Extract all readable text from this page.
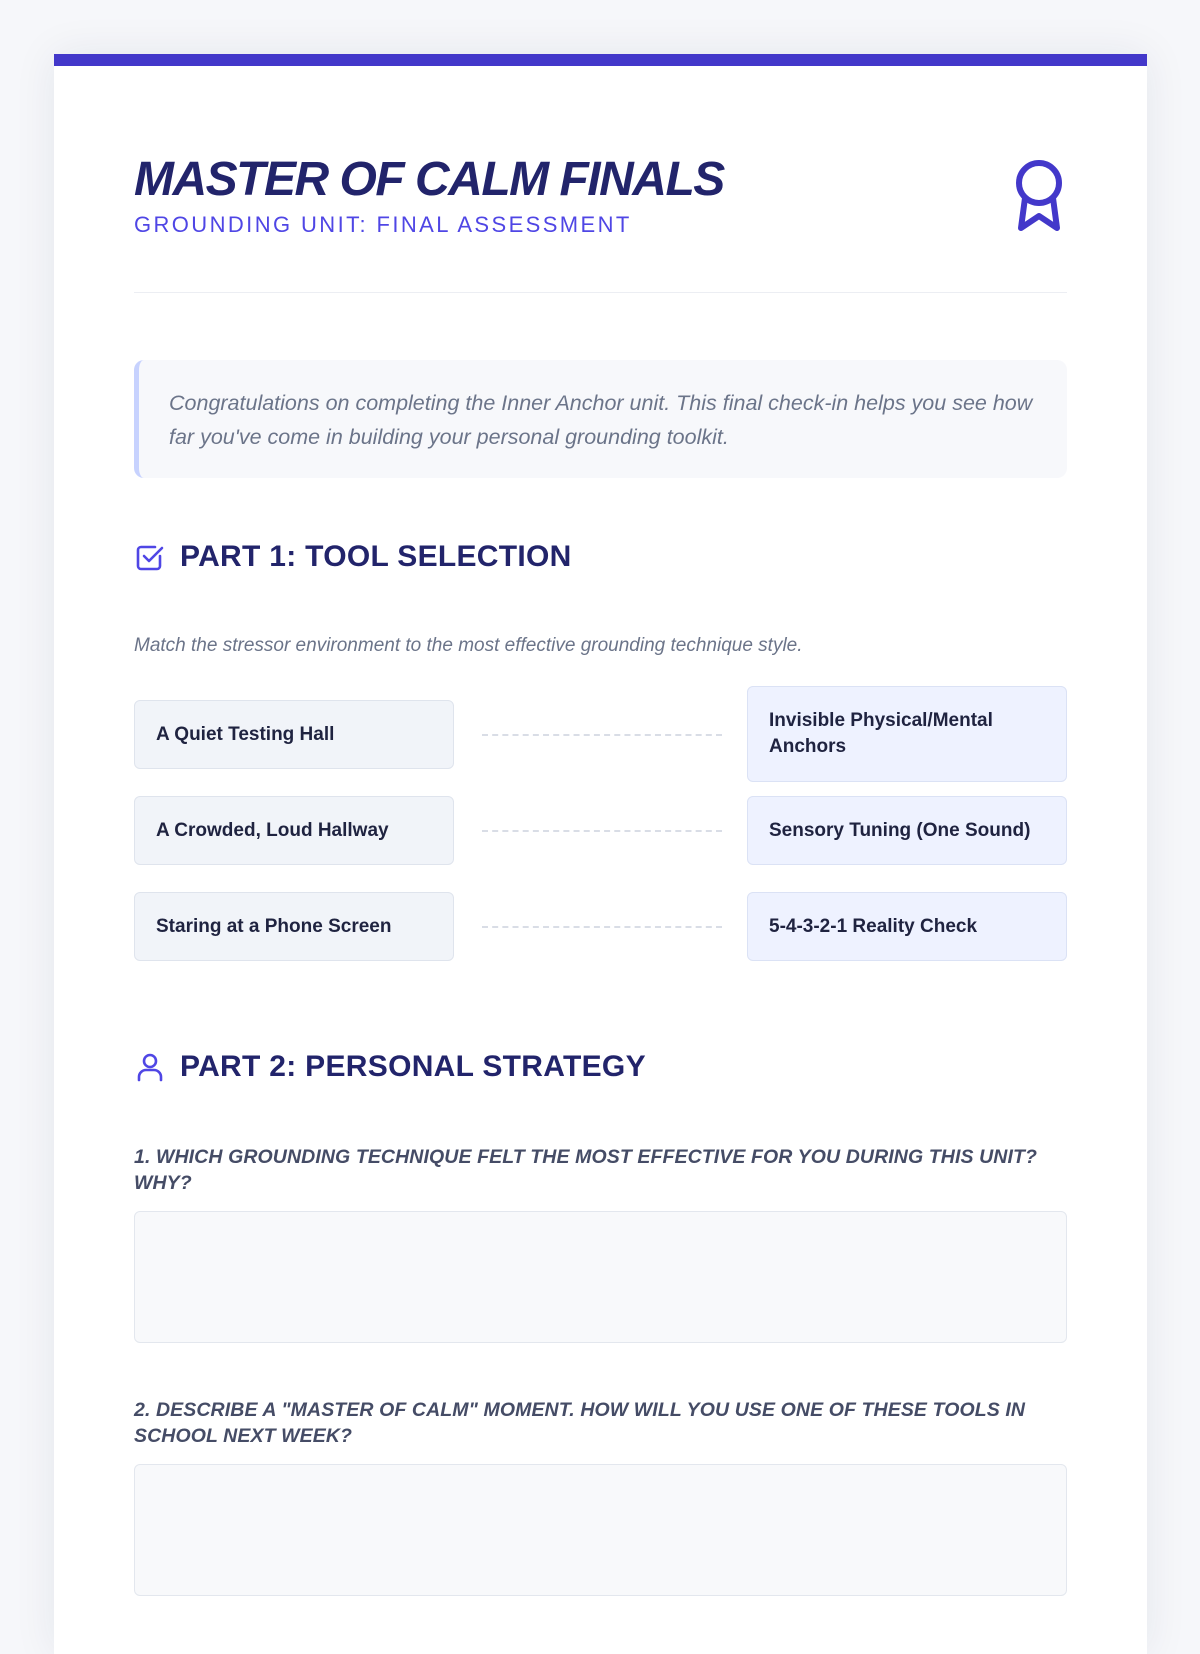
MASTER OF CALM FINALS
GROUNDING UNIT: FINAL ASSESSMENT
Congratulations on completing the Inner Anchor unit. This final check-in helps you see how far you've come in building your personal grounding toolkit.
PART 1: TOOL SELECTION
Match the stressor environment to the most effective grounding technique style.
A Quiet Testing Hall
Invisible Physical/Mental Anchors
A Crowded, Loud Hallway	Sensory Tuning (One Sound)
Staring at a Phone Screen	5-4-3-2-1 Reality Check
PART 2: PERSONAL STRATEGY
1. WHICH GROUNDING TECHNIQUE FELT THE MOST EFFECTIVE FOR YOU DURING THIS UNIT? WHY?
2. DESCRIBE A "MASTER OF CALM" MOMENT. HOW WILL YOU USE ONE OF THESE TOOLS IN SCHOOL NEXT WEEK?
